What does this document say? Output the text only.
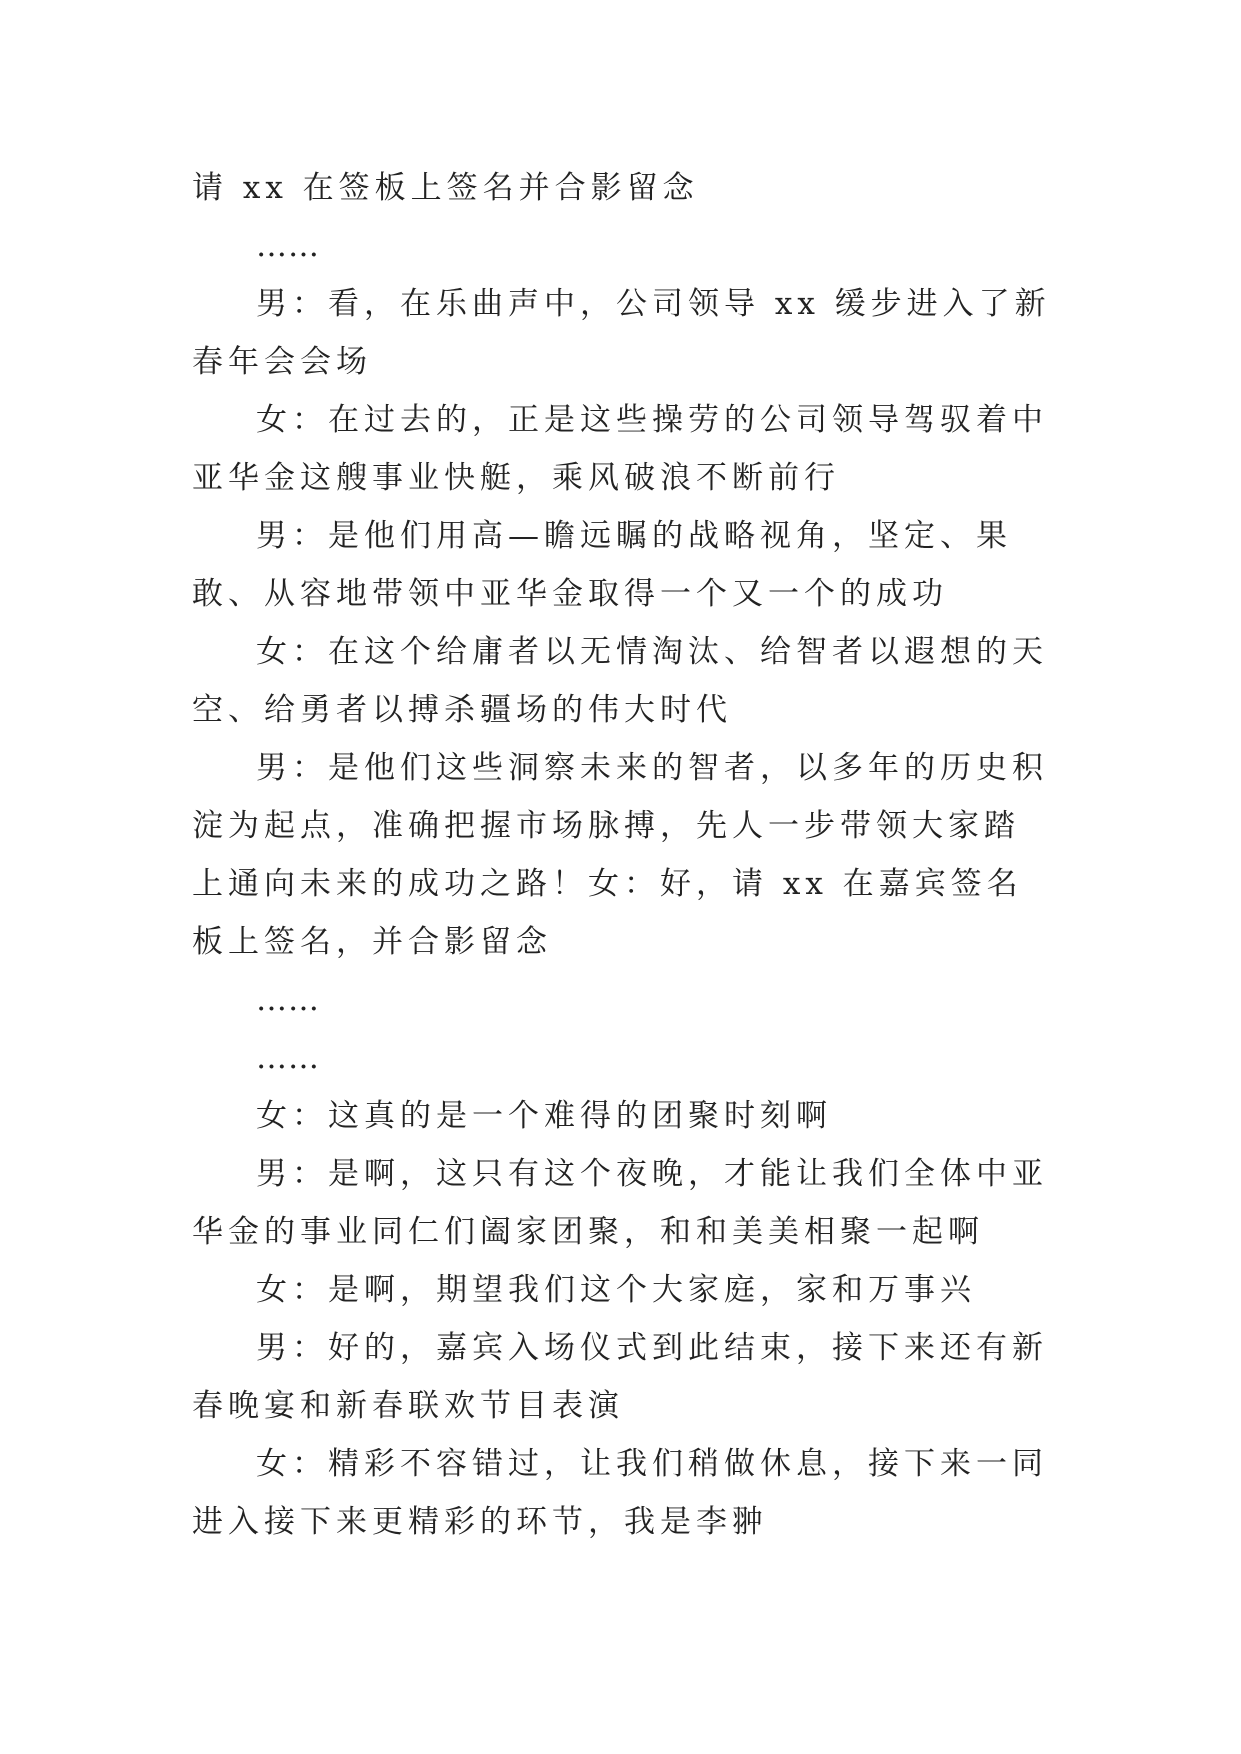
请 xx 在签板上签名并合影留念

……

男：看，在乐曲声中，公司领导 xx 缓步进入了新春年会会场

女：在过去的，正是这些操劳的公司领导驾驭着中亚华金这艘事业快艇，乘风破浪不断前行

男：是他们用高—瞻远瞩的战略视角，坚定、果敢、从容地带领中亚华金取得一个又一个的成功

女：在这个给庸者以无情淘汰、给智者以遐想的天空、给勇者以搏杀疆场的伟大时代

男：是他们这些洞察未来的智者，以多年的历史积淀为起点，准确把握市场脉搏，先人一步带领大家踏上通向未来的成功之路！女：好，请 xx 在嘉宾签名板上签名，并合影留念

……

……

女：这真的是一个难得的团聚时刻啊

男：是啊，这只有这个夜晚，才能让我们全体中亚华金的事业同仁们阖家团聚，和和美美相聚一起啊

女：是啊，期望我们这个大家庭，家和万事兴

男：好的，嘉宾入场仪式到此结束，接下来还有新春晚宴和新春联欢节目表演

女：精彩不容错过，让我们稍做休息，接下来一同进入接下来更精彩的环节，我是李翀
